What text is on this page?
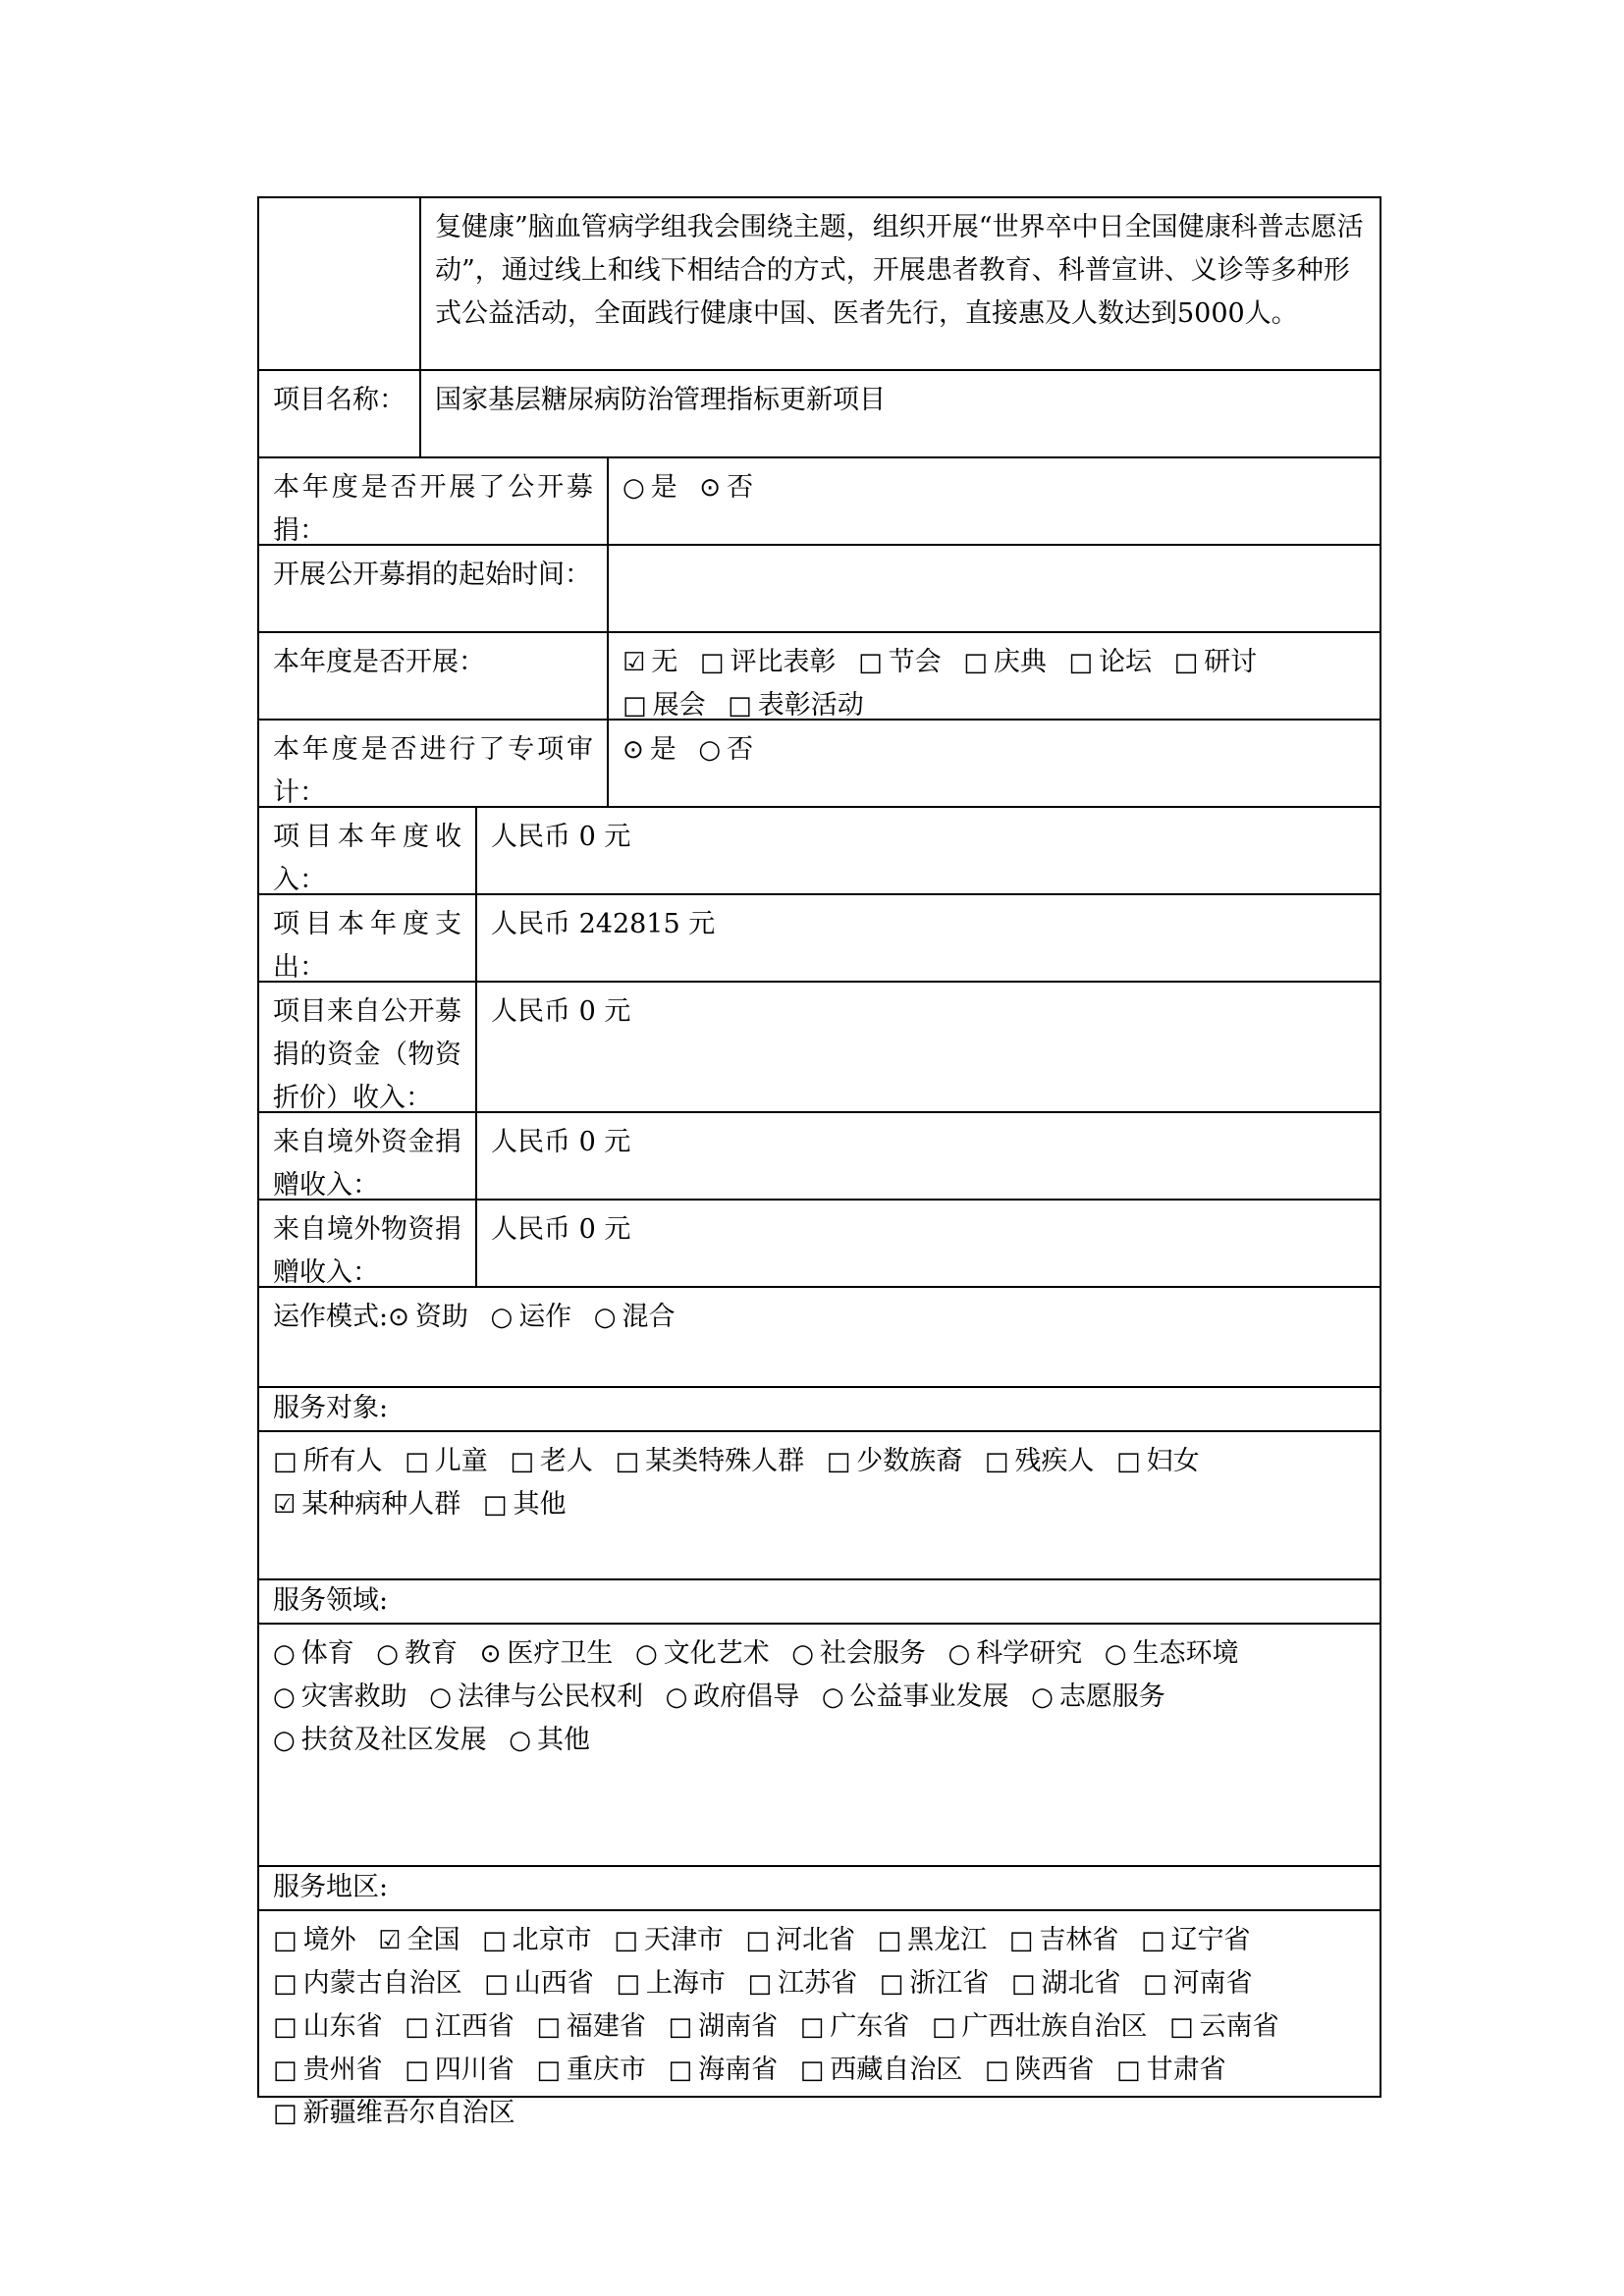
复健康”脑血管病学组我会围绕主题，组织开展“世界卒中日全国健康科普志愿活动”，通过线上和线下相结合的方式，开展患者教育、科普宣讲、义诊等多种形式公益活动，全面践行健康中国、医者先行，直接惠及人数达到5000人。
项目名称：	国家基层糖尿病防治管理指标更新项目
本年度是否开展了公开募捐：
○ 是 ⊙ 否
开展公开募捐的起始时间：
本年度是否开展：	☑ 无 □ 评比表彰 □ 节会 □ 庆典 □ 论坛 □ 研讨 □ 展会 □ 表彰活动
本年度是否进行了专项审计：
⊙ 是 ○ 否
项目本年度收入：
人民币 0 元
项目本年度支出：
人民币 242815 元
项目来自公开募捐的资金（物资折价）收入：
人民币 0 元
来自境外资金捐赠收入：
人民币 0 元
来自境外物资捐赠收入：
人民币 0 元
运作模式:⊙ 资助 ○ 运作 ○ 混合
服务对象:
□ 所有人 □ 儿童 □ 老人 □ 某类特殊人群 □ 少数族裔 □ 残疾人 □ 妇女 ☑ 某种病种人群 □ 其他
服务领域:
○ 体育 ○ 教育 ⊙ 医疗卫生 ○ 文化艺术 ○ 社会服务 ○ 科学研究 ○ 生态环境 ○ 灾害救助 ○ 法律与公民权利 ○ 政府倡导 ○ 公益事业发展 ○ 志愿服务 ○ 扶贫及社区发展 ○ 其他
服务地区:
□ 境外 ☑ 全国 □ 北京市 □ 天津市 □ 河北省 □ 黑龙江 □ 吉林省 □ 辽宁省 □ 内蒙古自治区 □ 山西省 □ 上海市 □ 江苏省 □ 浙江省 □ 湖北省 □ 河南省 □ 山东省 □ 江西省 □ 福建省 □ 湖南省 □ 广东省 □ 广西壮族自治区 □ 云南省 □ 贵州省 □ 四川省 □ 重庆市 □ 海南省 □ 西藏自治区 □ 陕西省 □ 甘肃省 □ 新疆维吾尔自治区
